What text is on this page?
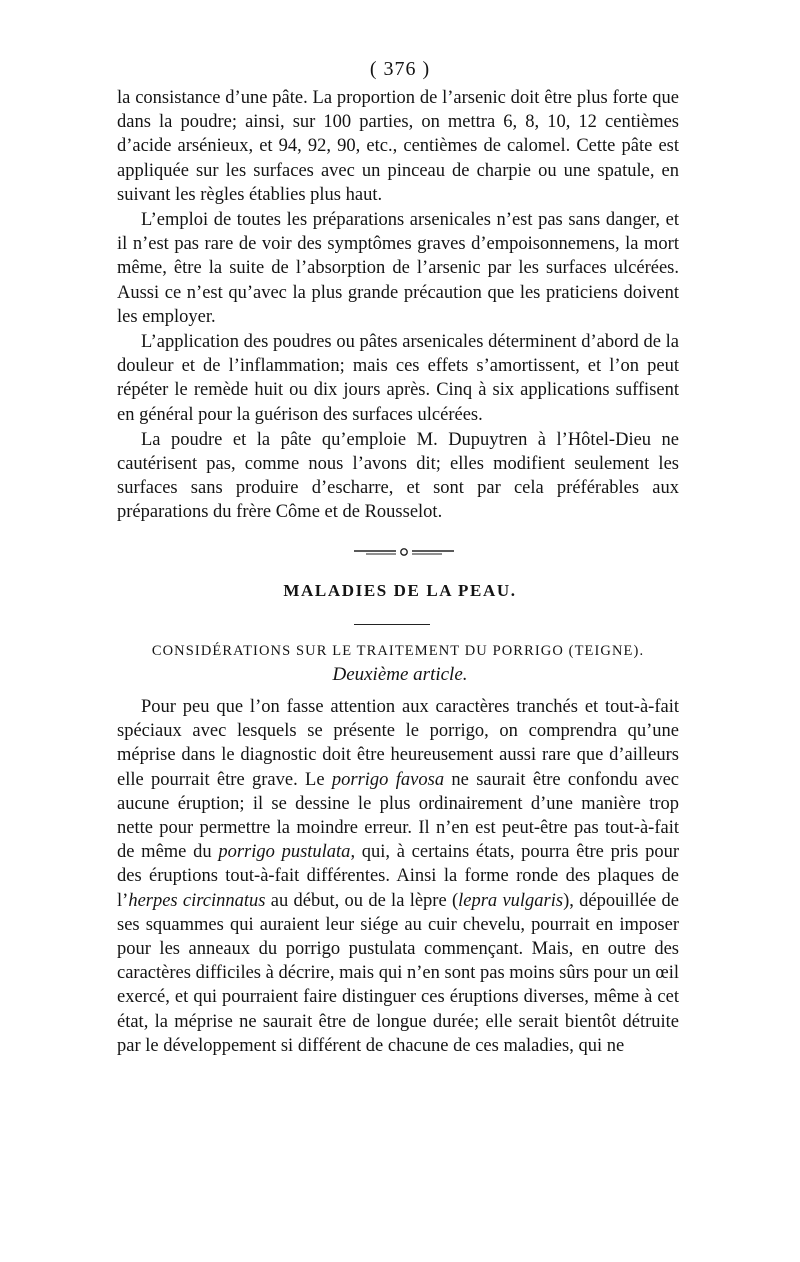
( 376 )

la consistance d’une pâte. La proportion de l’arsenic doit être plus forte que dans la poudre; ainsi, sur 100 parties, on mettra 6, 8, 10, 12 centièmes d’acide arsénieux, et 94, 92, 90, etc., centièmes de calomel. Cette pâte est appliquée sur les surfaces avec un pinceau de charpie ou une spatule, en suivant les règles établies plus haut.

L’emploi de toutes les préparations arsenicales n’est pas sans danger, et il n’est pas rare de voir des symptômes graves d’empoisonnemens, la mort même, être la suite de l’absorption de l’arsenic par les surfaces ulcérées. Aussi ce n’est qu’avec la plus grande précaution que les praticiens doivent les employer.

L’application des poudres ou pâtes arsenicales déterminent d’abord de la douleur et de l’inflammation; mais ces effets s’amortissent, et l’on peut répéter le remède huit ou dix jours après. Cinq à six applications suffisent en général pour la guérison des surfaces ulcérées.

La poudre et la pâte qu’emploie M. Dupuytren à l’Hôtel-Dieu ne cautérisent pas, comme nous l’avons dit; elles modifient seulement les surfaces sans produire d’escharre, et sont par cela préférables aux préparations du frère Côme et de Rousselot.

MALADIES DE LA PEAU.
CONSIDÉRATIONS SUR LE TRAITEMENT DU PORRIGO (TEIGNE).
Deuxième article.

Pour peu que l’on fasse attention aux caractères tranchés et tout-à-fait spéciaux avec lesquels se présente le porrigo, on comprendra qu’une méprise dans le diagnostic doit être heureusement aussi rare que d’ailleurs elle pourrait être grave. Le porrigo favosa ne saurait être confondu avec aucune éruption; il se dessine le plus ordinairement d’une manière trop nette pour permettre la moindre erreur. Il n’en est peut-être pas tout-à-fait de même du porrigo pustulata, qui, à certains états, pourra être pris pour des éruptions tout-à-fait différentes. Ainsi la forme ronde des plaques de l’herpes circinnatus au début, ou de la lèpre (lepra vulgaris), dépouillée de ses squammes qui auraient leur siége au cuir chevelu, pourrait en imposer pour les anneaux du porrigo pustulata commençant. Mais, en outre des caractères difficiles à décrire, mais qui n’en sont pas moins sûrs pour un œil exercé, et qui pourraient faire distinguer ces éruptions diverses, même à cet état, la méprise ne saurait être de longue durée; elle serait bientôt détruite par le développement si différent de chacune de ces maladies, qui ne
